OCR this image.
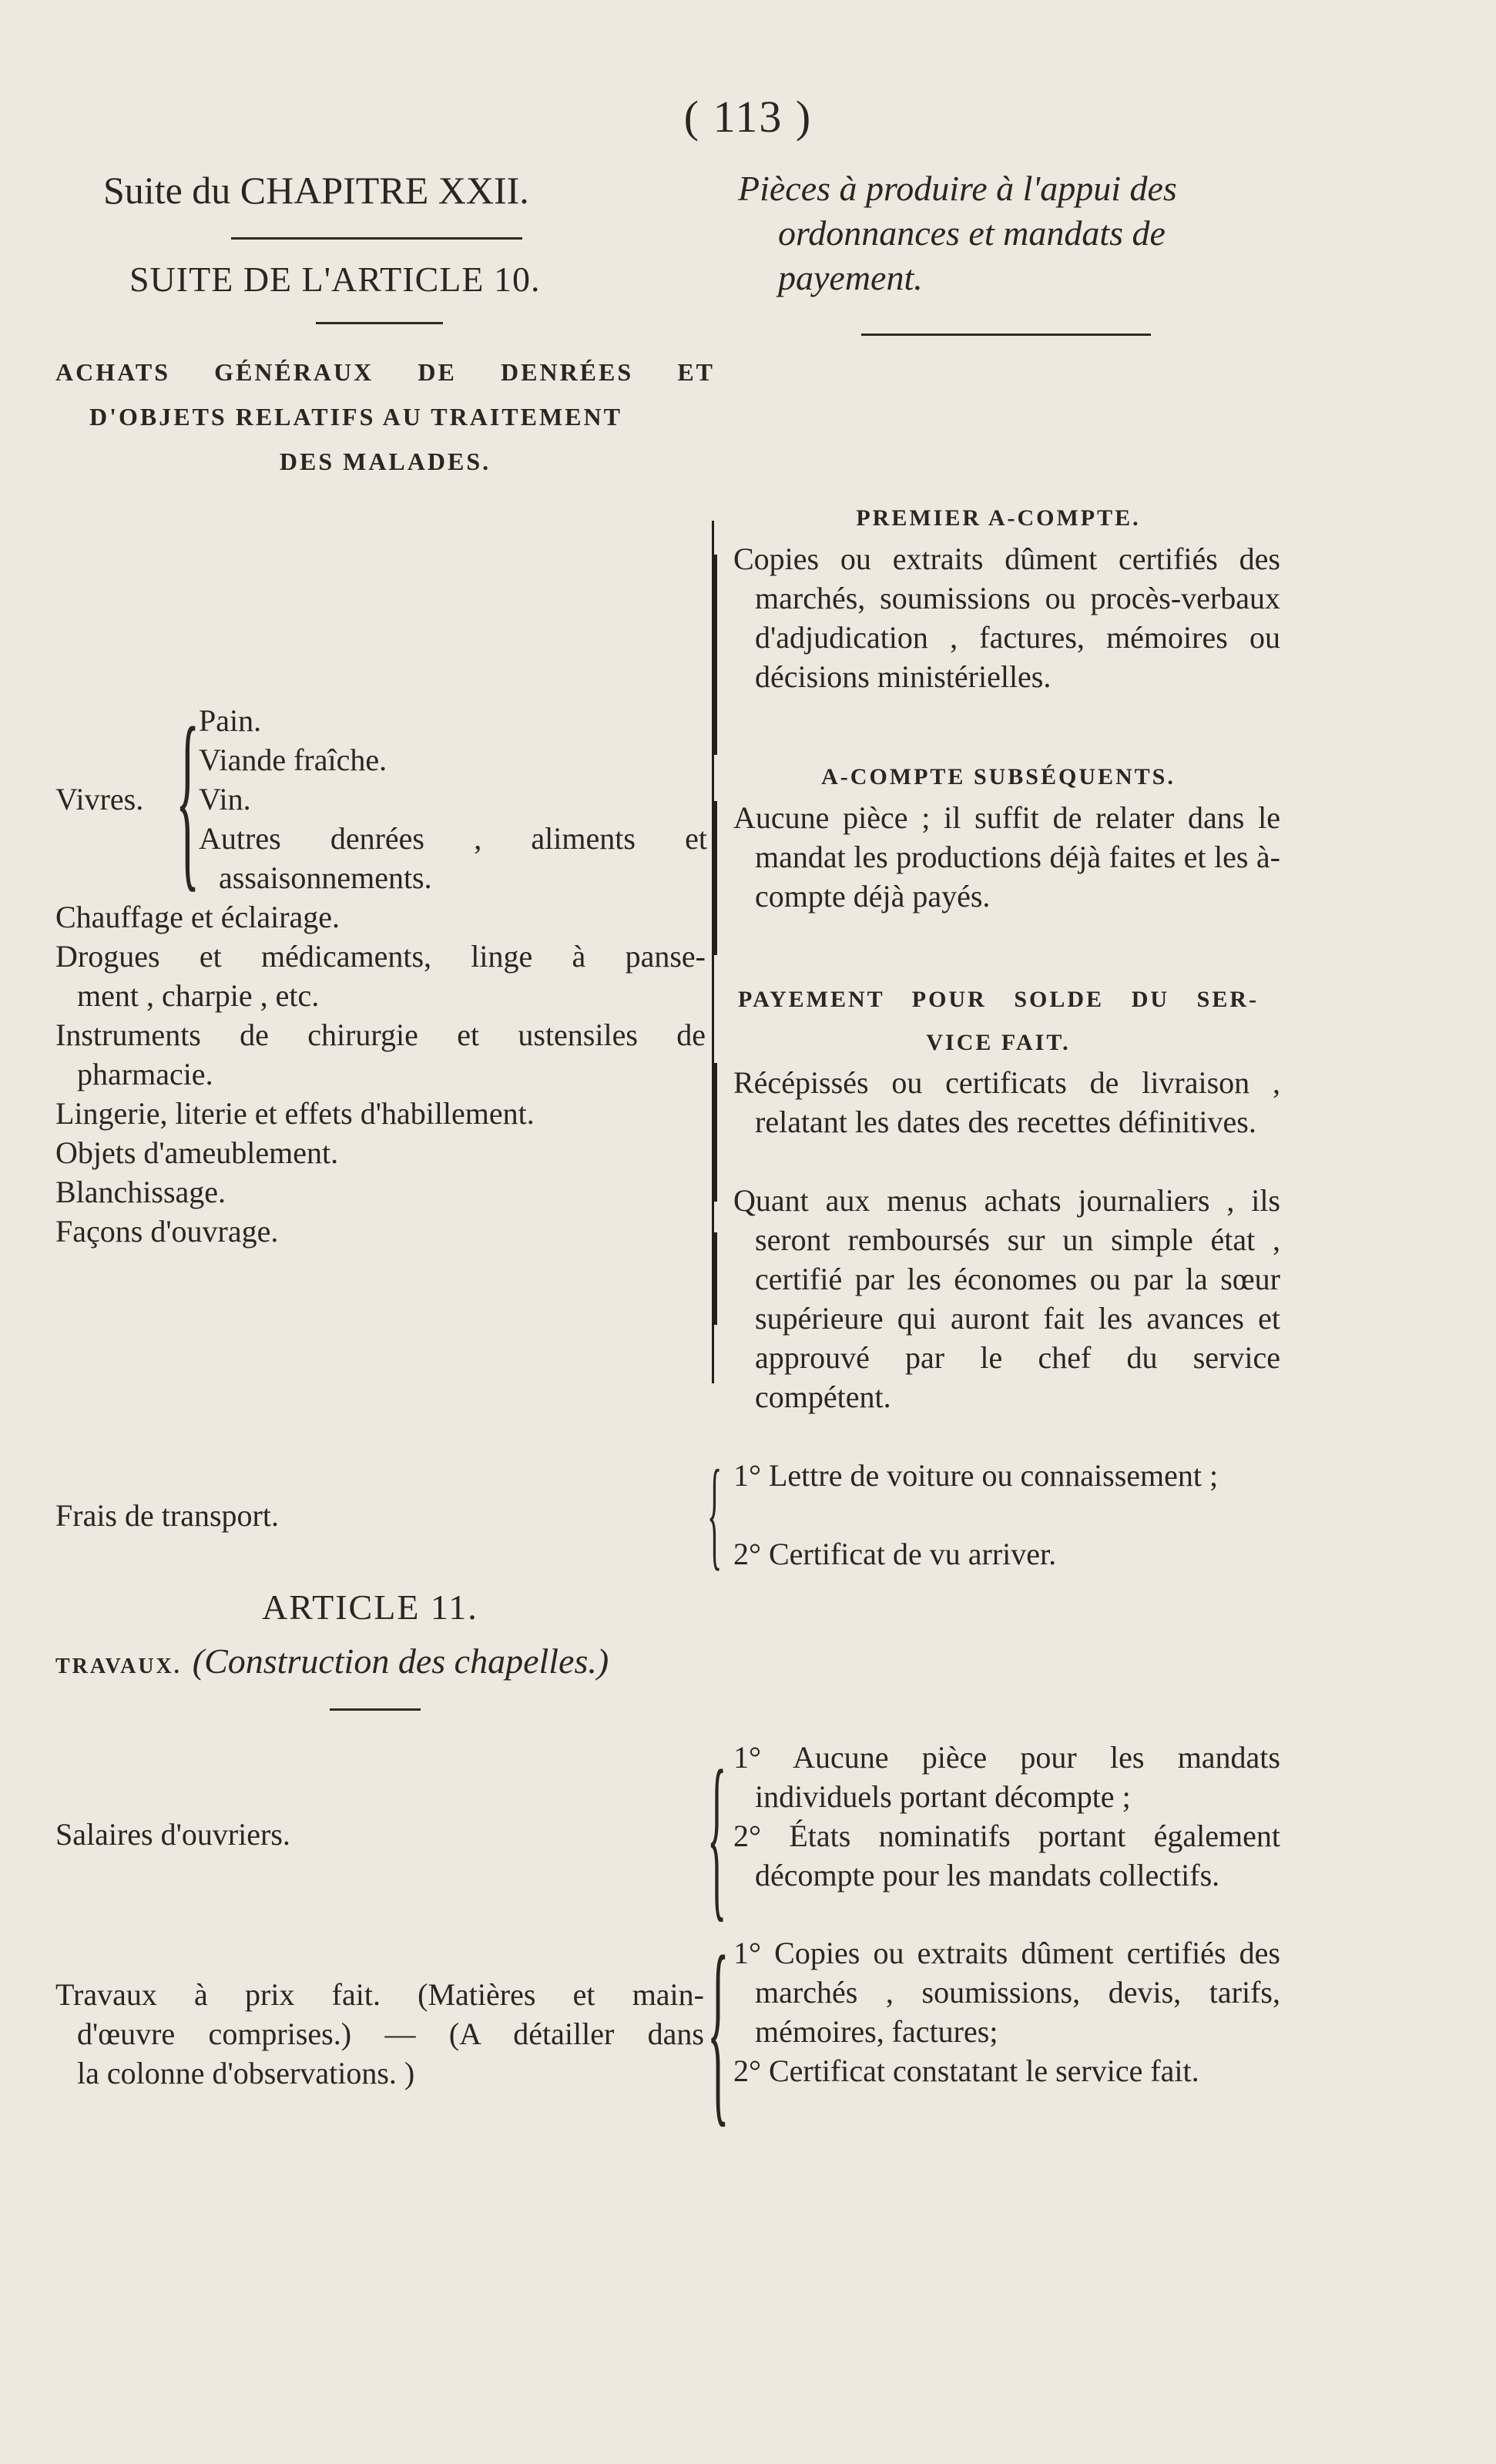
( 113 )
Suite du CHAPITRE XXII.
SUITE DE L'ARTICLE 10.
Pièces à produire à l'appui des
ordonnances et mandats de
payement.
ACHATS GÉNÉRAUX DE DENRÉES ET
D'OBJETS RELATIFS AU TRAITEMENT
DES MALADES.
Vivres. {
Pain.
Viande fraîche.
Vin.
Autres denrées , aliments et
assaisonnements.
Chauffage et éclairage.
Drogues et médicaments, linge à panse-
ment , charpie , etc.
Instruments de chirurgie et ustensiles de
pharmacie.
Lingerie, literie et effets d'habillement.
Objets d'ameublement.
Blanchissage.
Façons d'ouvrage.
PREMIER A-COMPTE.
Copies ou extraits dûment certifiés des marchés, soumissions ou procès-verbaux d'adjudication , factures, mémoires ou décisions ministérielles.
A-COMPTE SUBSÉQUENTS.
Aucune pièce ; il suffit de relater dans le mandat les productions déjà faites et les à-compte déjà payés.
PAYEMENT POUR SOLDE DU SER-
VICE FAIT.
Récépissés ou certificats de livraison , relatant les dates des recettes définitives.
Quant aux menus achats journaliers , ils seront remboursés sur un simple état , certifié par les économes ou par la sœur supérieure qui auront fait les avances et approuvé par le chef du service compétent.
Frais de transport.	{ 1° Lettre de voiture ou connaissement ;
2° Certificat de vu arriver.
ARTICLE 11.
TRAVAUX. (Construction des chapelles.)
Salaires d'ouvriers. { 1° Aucune pièce pour les mandats individuels portant décompte ;
2° États nominatifs portant également décompte pour les mandats collectifs.
Travaux à prix fait. (Matières et main-
d'œuvre comprises.) — (A détailler dans
la colonne d'observations. ) { 1° Copies ou extraits dûment certifiés des marchés , soumissions, devis, tarifs, mémoires, factures;
2° Certificat constatant le service fait.
